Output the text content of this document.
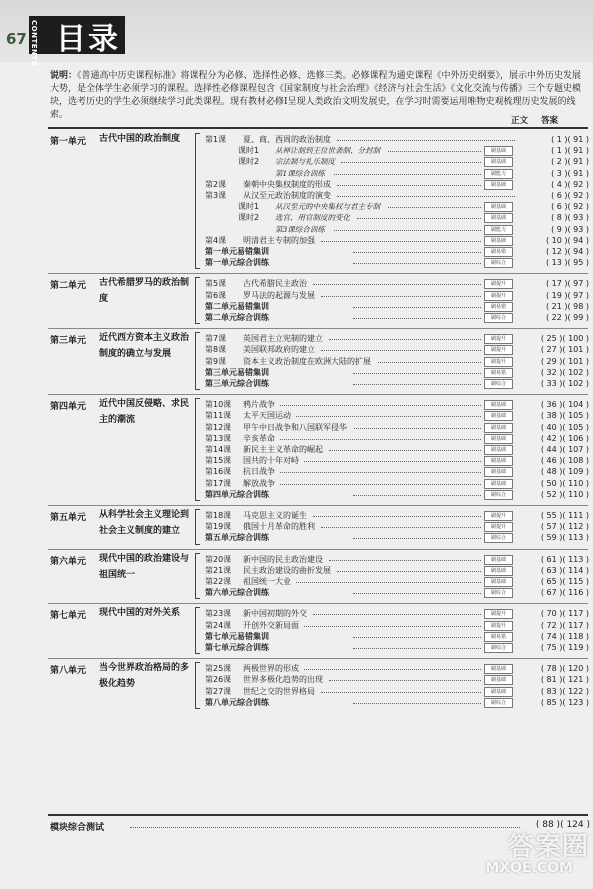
67 CONTENTS 目录
说明：《普通高中历史课程标准》将课程分为必修、选择性必修、选修三类。必修课程为通史课程《中外历史纲要》，展示中外历史发展大势，是全体学生必须学习的课程。选择性必修课程包含《国家制度与社会治理》《经济与社会生活》《文化交流与传播》三个专题史模块，选考历史的学生必须继续学习此类课程。现有教材必修Ⅰ呈现人类政治文明发展史，在学习时需要运用唯物史观梳理历史发展的线索。
正文 答案
第一单元 古代中国的政治制度	第1课	夏、商、西周的政治制度	( 1 )( 91 )
课时1	从禅让制到王位世袭制、分封制	刷基础	( 1 )( 91 )
课时2	宗法制与礼乐制度	刷基础	( 2 )( 91 )
第1课综合训练	刷能力	( 3 )( 91 )
第2课	秦朝中央集权制度的形成	刷基础	( 4 )( 92 )
第3课	从汉至元政治制度的演变	( 6 )( 92 )
课时1	从汉至元的中央集权与君主专制	刷基础	( 6 )( 92 )
课时2	选官、用官制度的变化	刷基础	( 8 )( 93 )
第3课综合训练	刷能力	( 9 )( 93 )
第4课	明清君主专制的加强	刷基础	( 10 )( 94 )
第一单元易错集训	刷易错	( 12 )( 94 )
第一单元综合训练	刷综合	( 13 )( 95 )
第二单元 古代希腊罗马的政治制度
第5课	古代希腊民主政治	刷提升	( 17 )( 97 )
第6课	罗马法的起源与发展	刷提升	( 19 )( 97 )
第二单元易错集训	刷易错	( 21 )( 98 )
第二单元综合训练	刷综合	( 22 )( 99 )
第三单元 近代西方资本主义政治制度的确立与发展
第7课	英国君主立宪制的建立	刷提升	( 25 )( 100 )
第8课	美国联邦政府的建立	刷提升	( 27 )( 101 )
第9课	资本主义政治制度在欧洲大陆的扩展	刷提升	( 29 )( 101 )
第三单元易错集训	刷易错	( 32 )( 102 )
第三单元综合训练	刷综合	( 33 )( 102 )
第四单元 近代中国反侵略、求民主的潮流
第10课	鸦片战争	刷基础	( 36 )( 104 )
第11课	太平天国运动	刷基础	( 38 )( 105 )
第12课	甲午中日战争和八国联军侵华	刷基础	( 40 )( 105 )
第13课	辛亥革命	刷基础	( 42 )( 106 )
第14课	新民主主义革命的崛起	刷基础	( 44 )( 107 )
第15课	国共的十年对峙	刷基础	( 46 )( 108 )
第16课	抗日战争	刷基础	( 48 )( 109 )
第17课	解放战争	刷基础	( 50 )( 110 )
第四单元综合训练	刷综合	( 52 )( 110 )
第五单元 从科学社会主义理论到社会主义制度的建立
第18课	马克思主义的诞生	刷提升	( 55 )( 111 )
第19课	俄国十月革命的胜利	刷提升	( 57 )( 112 )
第五单元综合训练	刷综合	( 59 )( 113 )
第六单元 现代中国的政治建设与祖国统一
第20课	新中国的民主政治建设	刷基础	( 61 )( 113 )
第21课	民主政治建设的曲折发展	刷基础	( 63 )( 114 )
第22课	祖国统一大业	刷基础	( 65 )( 115 )
第六单元综合训练	刷综合	( 67 )( 116 )
第七单元 现代中国的对外关系	第23课	新中国初期的外交	刷提升	( 70 )( 117 )
第24课	开创外交新局面	刷提升	( 72 )( 117 )
第七单元易错集训	刷易错	( 74 )( 118 )
第七单元综合训练	刷综合	( 75 )( 119 )
第八单元 当今世界政治格局的多极化趋势
第25课	两极世界的形成	刷基础	( 78 )( 120 )
第26课	世界多极化趋势的出现	刷基础	( 81 )( 121 )
第27课	世纪之交的世界格局	刷基础	( 83 )( 122 )
第八单元综合训练	刷综合	( 85 )( 123 )
模块综合测试	( 88 )( 124 )
答案圈
MXQE.COM
